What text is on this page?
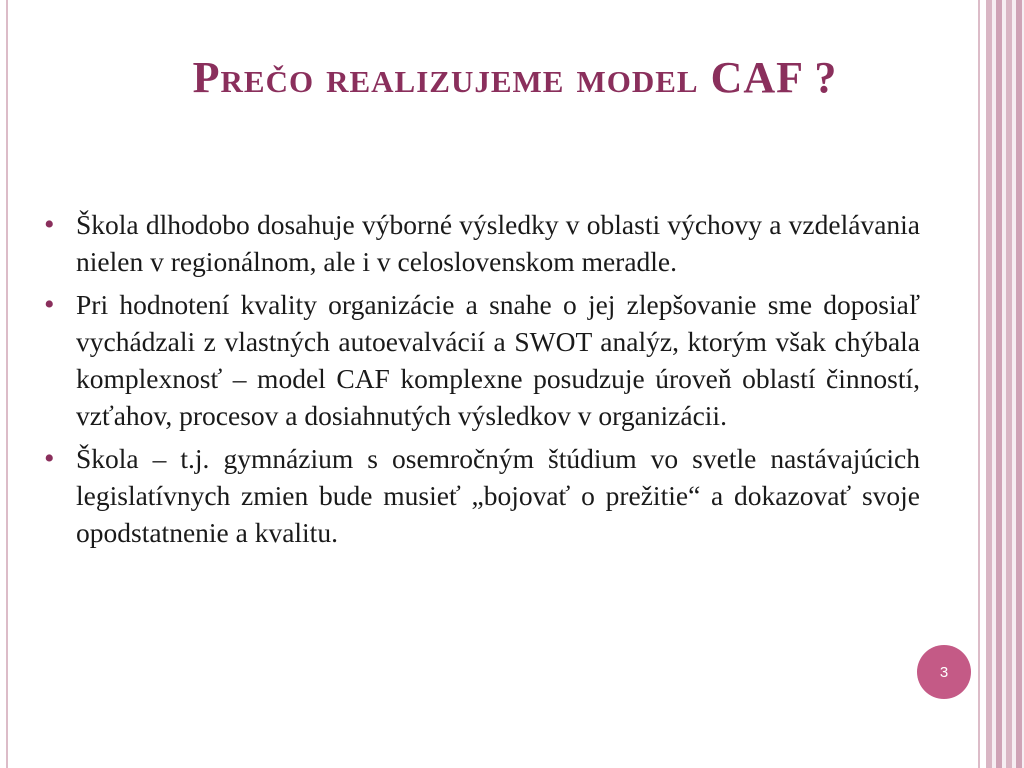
Prečo realizujeme model CAF ?
• Škola dlhodobo dosahuje výborné výsledky v oblasti výchovy a vzdelávania nielen v regionálnom, ale i v celoslovenskom meradle.
• Pri hodnotení kvality organizácie a snahe o jej zlepšovanie sme doposiaľ vychádzali z vlastných autoevalvácií a SWOT analýz, ktorým však chýbala komplexnosť – model CAF komplexne posudzuje úroveň oblastí činností, vzťahov, procesov a dosiahnutých výsledkov v organizácii.
• Škola – t.j. gymnázium s osemročným štúdium vo svetle nastávajúcich legislatívnych zmien bude musieť „bojovať o prežitie“ a dokazovať svoje opodstatnenie a kvalitu.
3
